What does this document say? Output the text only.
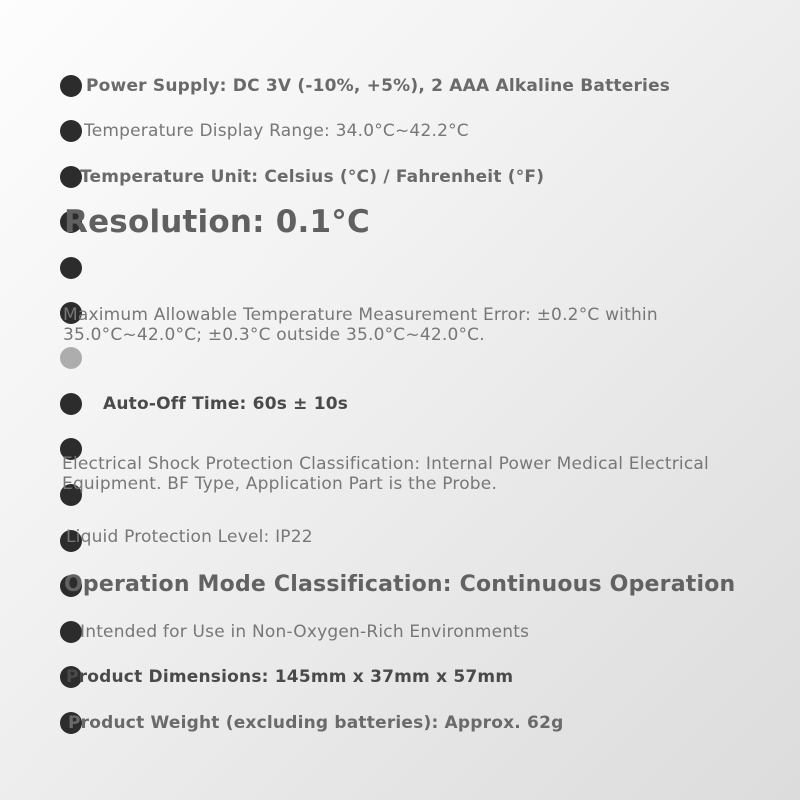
Power Supply: DC 3V (-10%, +5%), 2 AAA Alkaline Batteries
Temperature Display Range: 34.0°C~42.2°C
Temperature Unit: Celsius (°C) / Fahrenheit (°F)
Resolution: 0.1°C
Maximum Allowable Temperature Measurement Error: ±0.2°C within 35.0°C~42.0°C; ±0.3°C outside 35.0°C~42.0°C.
Auto-Off Time: 60s ± 10s
Electrical Shock Protection Classification: Internal Power Medical Electrical Equipment. BF Type, Application Part is the Probe.
Liquid Protection Level: IP22
Operation Mode Classification: Continuous Operation
Intended for Use in Non-Oxygen-Rich Environments
Product Dimensions: 145mm x 37mm x 57mm
Product Weight (excluding batteries): Approx. 62g
